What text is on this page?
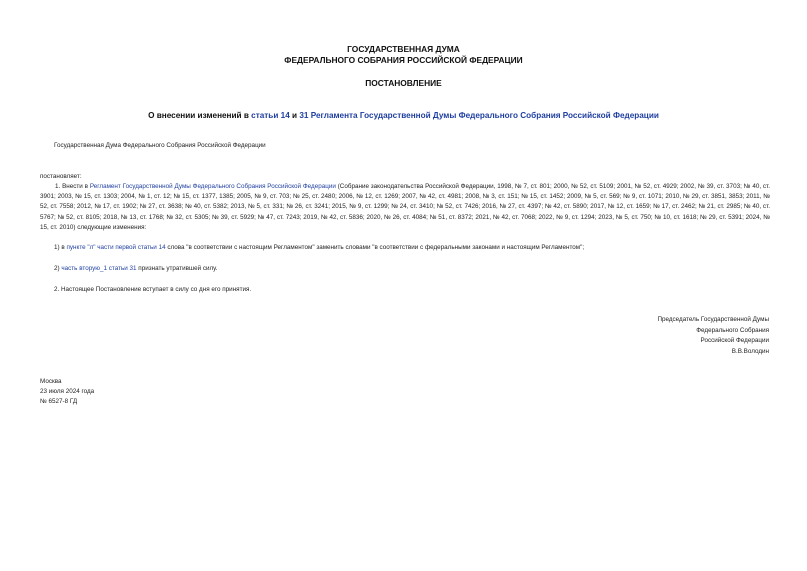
ГОСУДАРСТВЕННАЯ ДУМА
ФЕДЕРАЛЬНОГО СОБРАНИЯ РОССИЙСКОЙ ФЕДЕРАЦИИ
ПОСТАНОВЛЕНИЕ
О внесении изменений в статьи 14 и 31 Регламента Государственной Думы Федерального Собрания Российской Федерации
Государственная Дума Федерального Собрания Российской Федерации
постановляет:
1. Внести в Регламент Государственной Думы Федерального Собрания Российской Федерации (Собрание законодательства Российской Федерации, 1998, № 7, ст. 801; 2000, № 52, ст. 5109; 2001, № 52, ст. 4929; 2002, № 39, ст. 3703; № 40, ст. 3901; 2003, № 15, ст. 1303; 2004, № 1, ст. 12; № 15, ст. 1377, 1385; 2005, № 9, ст. 703; № 25, ст. 2480; 2006, № 12, ст. 1269; 2007, № 42, ст. 4981; 2008, № 3, ст. 151; № 15, ст. 1452; 2009, № 5, ст. 569; № 9, ст. 1071; 2010, № 29, ст. 3851, 3853; 2011, № 52, ст. 7558; 2012, № 17, ст. 1902; № 27, ст. 3638; № 40, ст. 5382; 2013, № 5, ст. 331; № 26, ст. 3241; 2015, № 9, ст. 1299; № 24, ст. 3410; № 52, ст. 7426; 2016, № 27, ст. 4397; № 42, ст. 5890; 2017, № 12, ст. 1659; № 17, ст. 2462; № 21, ст. 2985; № 40, ст. 5767; № 52, ст. 8105; 2018, № 13, ст. 1768; № 32, ст. 5305; № 39, ст. 5929; № 47, ст. 7243; 2019, № 42, ст. 5836; 2020, № 26, ст. 4084; № 51, ст. 8372; 2021, № 42, ст. 7068; 2022, № 9, ст. 1294; 2023, № 5, ст. 750; № 10, ст. 1618; № 29, ст. 5391; 2024, № 15, ст. 2010) следующие изменения:
1) в пункте "л" части первой статьи 14 слова "в соответствии с настоящим Регламентом" заменить словами "в соответствии с федеральными законами и настоящим Регламентом";
2) часть вторую_1 статьи 31 признать утратившей силу.
2. Настоящее Постановление вступает в силу со дня его принятия.
Председатель Государственной Думы
Федерального Собрания
Российской Федерации
В.В.Володин
Москва
23 июля 2024 года
№ 6527-8 ГД
